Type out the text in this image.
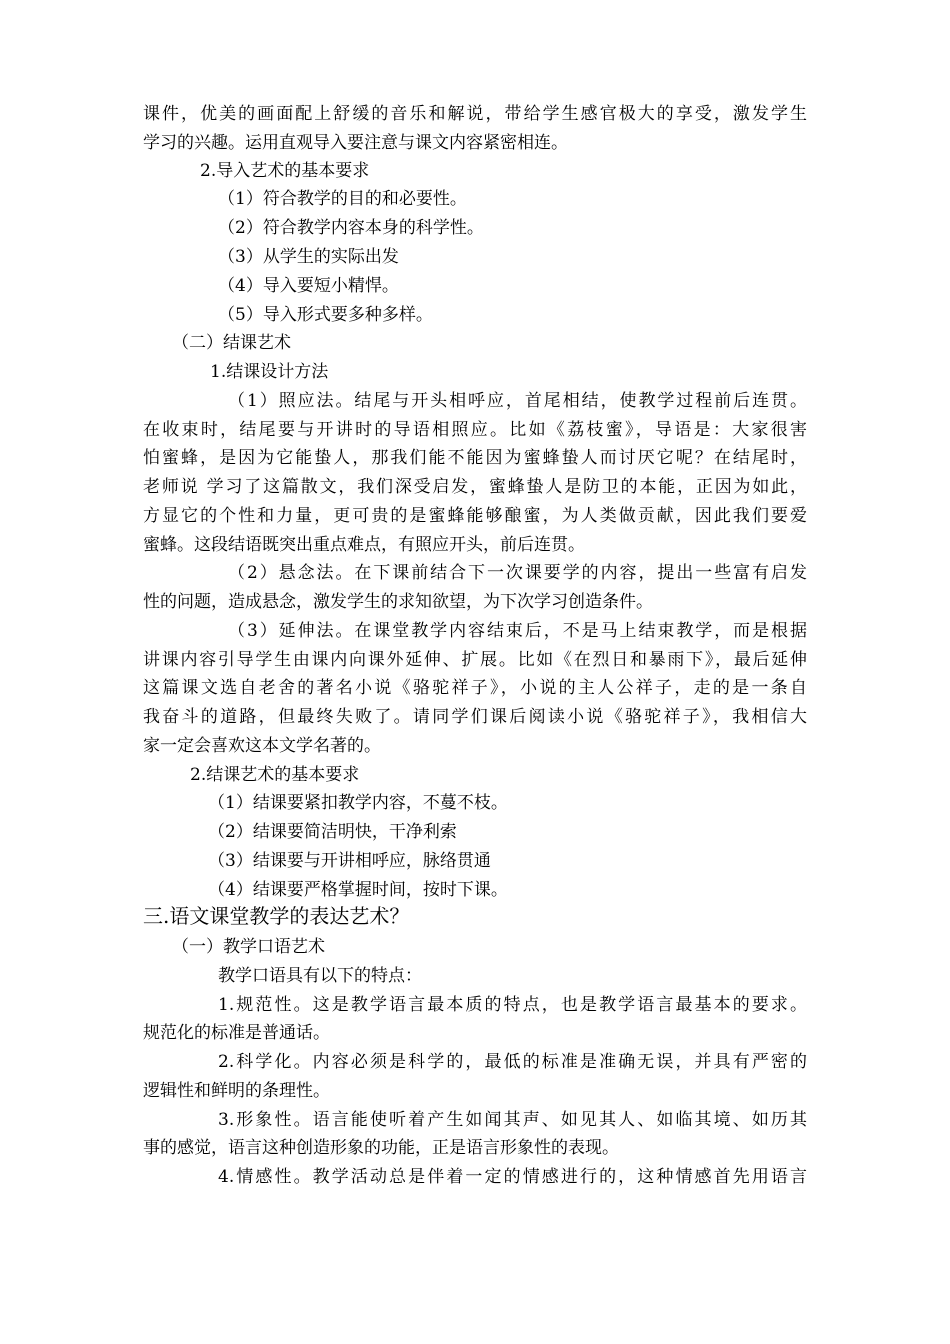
课件，优美的画面配上舒缓的音乐和解说，带给学生感官极大的享受，激发学生

学习的兴趣。运用直观导入要注意与课文内容紧密相连。

2.导入艺术的基本要求

（1）符合教学的目的和必要性。

（2）符合教学内容本身的科学性。

（3）从学生的实际出发

（4）导入要短小精悍。

（5）导入形式要多种多样。

（二）结课艺术

1.结课设计方法

（1）照应法。结尾与开头相呼应，首尾相结，使教学过程前后连贯。

在收束时，结尾要与开讲时的导语相照应。比如《荔枝蜜》，导语是：大家很害

怕蜜蜂，是因为它能蛰人，那我们能不能因为蜜蜂蛰人而讨厌它呢？在结尾时，

老师说 学习了这篇散文，我们深受启发，蜜蜂蛰人是防卫的本能，正因为如此，

方显它的个性和力量，更可贵的是蜜蜂能够酿蜜，为人类做贡献，因此我们要爱

蜜蜂。这段结语既突出重点难点，有照应开头，前后连贯。

（2）悬念法。在下课前结合下一次课要学的内容，提出一些富有启发

性的问题，造成悬念，激发学生的求知欲望，为下次学习创造条件。

（3）延伸法。在课堂教学内容结束后，不是马上结束教学，而是根据

讲课内容引导学生由课内向课外延伸、扩展。比如《在烈日和暴雨下》，最后延伸

这篇课文选自老舍的著名小说《骆驼祥子》，小说的主人公祥子，走的是一条自

我奋斗的道路，但最终失败了。请同学们课后阅读小说《骆驼祥子》，我相信大

家一定会喜欢这本文学名著的。

2.结课艺术的基本要求

（1）结课要紧扣教学内容，不蔓不枝。

（2）结课要简洁明快，干净利索

（3）结课要与开讲相呼应，脉络贯通

（4）结课要严格掌握时间，按时下课。

三.语文课堂教学的表达艺术？

（一）教学口语艺术

教学口语具有以下的特点：

1.规范性。这是教学语言最本质的特点，也是教学语言最基本的要求。

规范化的标准是普通话。

2.科学化。内容必须是科学的，最低的标准是准确无误，并具有严密的

逻辑性和鲜明的条理性。

3.形象性。语言能使听着产生如闻其声、如见其人、如临其境、如历其

事的感觉，语言这种创造形象的功能，正是语言形象性的表现。

4.情感性。教学活动总是伴着一定的情感进行的，这种情感首先用语言
